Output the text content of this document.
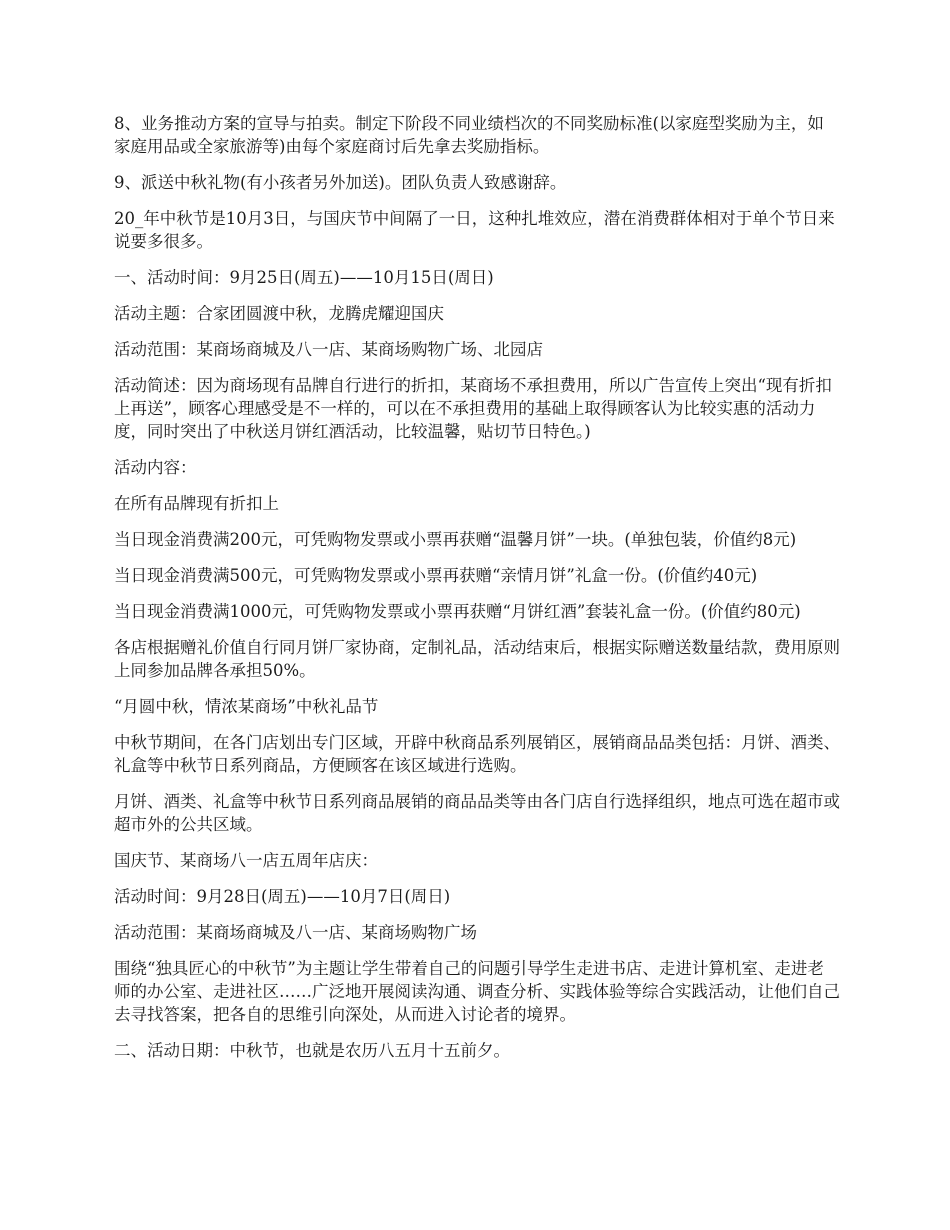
8、业务推动方案的宣导与拍卖。制定下阶段不同业绩档次的不同奖励标准(以家庭型奖励为主，如家庭用品或全家旅游等)由每个家庭商讨后先拿去奖励指标。

9、派送中秋礼物(有小孩者另外加送)。团队负责人致感谢辞。

20_年中秋节是10月3日，与国庆节中间隔了一日，这种扎堆效应，潜在消费群体相对于单个节日来说要多很多。

一、活动时间：9月25日(周五)——10月15日(周日)

活动主题：合家团圆渡中秋，龙腾虎耀迎国庆

活动范围：某商场商城及八一店、某商场购物广场、北园店

活动简述：因为商场现有品牌自行进行的折扣，某商场不承担费用，所以广告宣传上突出“现有折扣上再送”，顾客心理感受是不一样的，可以在不承担费用的基础上取得顾客认为比较实惠的活动力度，同时突出了中秋送月饼红酒活动，比较温馨，贴切节日特色。)

活动内容：

在所有品牌现有折扣上

当日现金消费满200元，可凭购物发票或小票再获赠“温馨月饼”一块。(单独包装，价值约8元)

当日现金消费满500元，可凭购物发票或小票再获赠“亲情月饼”礼盒一份。(价值约40元)

当日现金消费满1000元，可凭购物发票或小票再获赠“月饼红酒”套装礼盒一份。(价值约80元)

各店根据赠礼价值自行同月饼厂家协商，定制礼品，活动结束后，根据实际赠送数量结款，费用原则上同参加品牌各承担50%。

“月圆中秋，情浓某商场”中秋礼品节

中秋节期间，在各门店划出专门区域，开辟中秋商品系列展销区，展销商品品类包括：月饼、酒类、礼盒等中秋节日系列商品，方便顾客在该区域进行选购。

月饼、酒类、礼盒等中秋节日系列商品展销的商品品类等由各门店自行选择组织，地点可选在超市或超市外的公共区域。

国庆节、某商场八一店五周年店庆：

活动时间：9月28日(周五)——10月7日(周日)

活动范围：某商场商城及八一店、某商场购物广场

围绕“独具匠心的中秋节”为主题让学生带着自己的问题引导学生走进书店、走进计算机室、走进老师的办公室、走进社区……广泛地开展阅读沟通、调查分析、实践体验等综合实践活动，让他们自己去寻找答案，把各自的思维引向深处，从而进入讨论者的境界。

二、活动日期：中秋节，也就是农历八五月十五前夕。
